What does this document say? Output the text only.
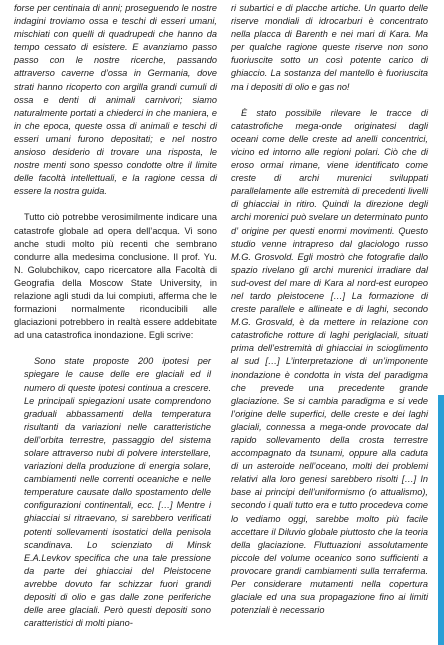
forse per centinaia di anni; proseguendo le nostre indagini troviamo ossa e teschi di esseri umani, mischiati con quelli di quadrupedi che hanno da tempo cessato di esistere. E avanziamo passo passo con le nostre ricerche, passando attraverso caverne d’ossa in Germania, dove strati hanno ricoperto con argilla grandi cumuli di ossa e denti di animali carnivori; siamo naturalmente portati a chiederci in che maniera, e in che epoca, queste ossa di animali e teschi di esseri umani furono depositati; e nel nostro ansioso desiderio di trovare una risposta, le nostre menti sono spesso condotte oltre il limite delle facoltà intellettuali, e la ragione cessa di essere la nostra guida.

Tutto ciò potrebbe verosimilmente indicare una catastrofe globale ad opera dell’acqua. Vi sono anche studi molto più recenti che sembrano condurre alla medesima conclusione. Il prof. Yu. N. Golubchikov, capo ricercatore alla Facoltà di Geografia della Moscow State University, in relazione agli studi da lui compiuti, afferma che le formazioni normalmente riconducibili alle glaciazioni potrebbero in realtà essere addebitate ad una catastrofica inondazione. Egli scrive:

Sono state proposte 200 ipotesi per spiegare le cause delle ere glaciali ed il numero di queste ipotesi continua a crescere. Le principali spiegazioni usate comprendono graduali abbassamenti della temperatura risultanti da variazioni nelle caratteristiche dell’orbita terrestre, passaggio del sistema solare attraverso nubi di polvere interstellare, variazioni della produzione di energia solare, cambiamenti nelle correnti oceaniche e nelle temperature causate dallo spostamento delle configurazioni continentali, ecc. […] Mentre i ghiacciai si ritraevano, si sarebbero verificati potenti sollevamenti isostatici della penisola scandinava. Lo scienziato di Minsk E.A.Levkov specifica che una tale pressione da parte dei ghiacciai del Pleistocene avrebbe dovuto far schizzar fuori grandi depositi di olio e gas dalle zone periferiche delle aree glaciali. Però questi depositi sono caratteristici di molti piano-

ri subartici e di placche artiche. Un quarto delle riserve mondiali di idrocarburi è concentrato nella placca di Barenth e nei mari di Kara. Ma per qualche ragione queste riserve non sono fuoriuscite sotto un così potente carico di ghiaccio. La sostanza del mantello è fuoriuscita ma i depositi di olio e gas no!

È stato possibile rilevare le tracce di catastrofiche mega-onde originatesi dagli oceani come delle creste ad anelli concentrici, vicino ed intorno alle regioni polari. Ciò che di eroso ormai rimane, viene identificato come creste di archi murenici sviluppati parallelamente alle estremità di precedenti livelli di ghiacciai in ritiro. Quindi la direzione degli archi morenici può svelare un determinato punto d’ origine per questi enormi movimenti. Questo studio venne intrapreso dal glaciologo russo M.G. Grosvold. Egli mostrò che fotografie dallo spazio rivelano gli archi murenici irradiare dal sud-ovest del mare di Kara al nord-est europeo nel tardo pleistocene […] La formazione di creste parallele e allineate e di laghi, secondo M.G. Grosvald, è da mettere in relazione con catastrofiche rotture di laghi periglaciali, situati prima dell’estremità di ghiacciai in scioglimento al sud […] L’interpretazione di un’imponente inondazione è condotta in vista del paradigma che prevede una precedente grande glaciazione. Se si cambia paradigma e si vede l’origine delle superfici, delle creste e dei laghi glaciali, connessa a mega-onde provocate dal rapido sollevamento della crosta terrestre accompagnato da tsunami, oppure alla caduta di un asteroide nell’oceano, molti dei problemi relativi alla loro genesi sarebbero risolti […] In base ai principi dell’uniformismo (o attualismo), secondo i quali tutto era e tutto procedeva come lo vediamo oggi, sarebbe molto più facile accettare il Diluvio globale piuttosto che la teoria della glaciazione. Fluttuazioni assolutamente piccole del volume oceanico sono sufficienti a provocare grandi cambiamenti sulla terraferma. Per considerare mutamenti nella copertura glaciale ed una sua propagazione fino ai limiti potenziali è necessario
